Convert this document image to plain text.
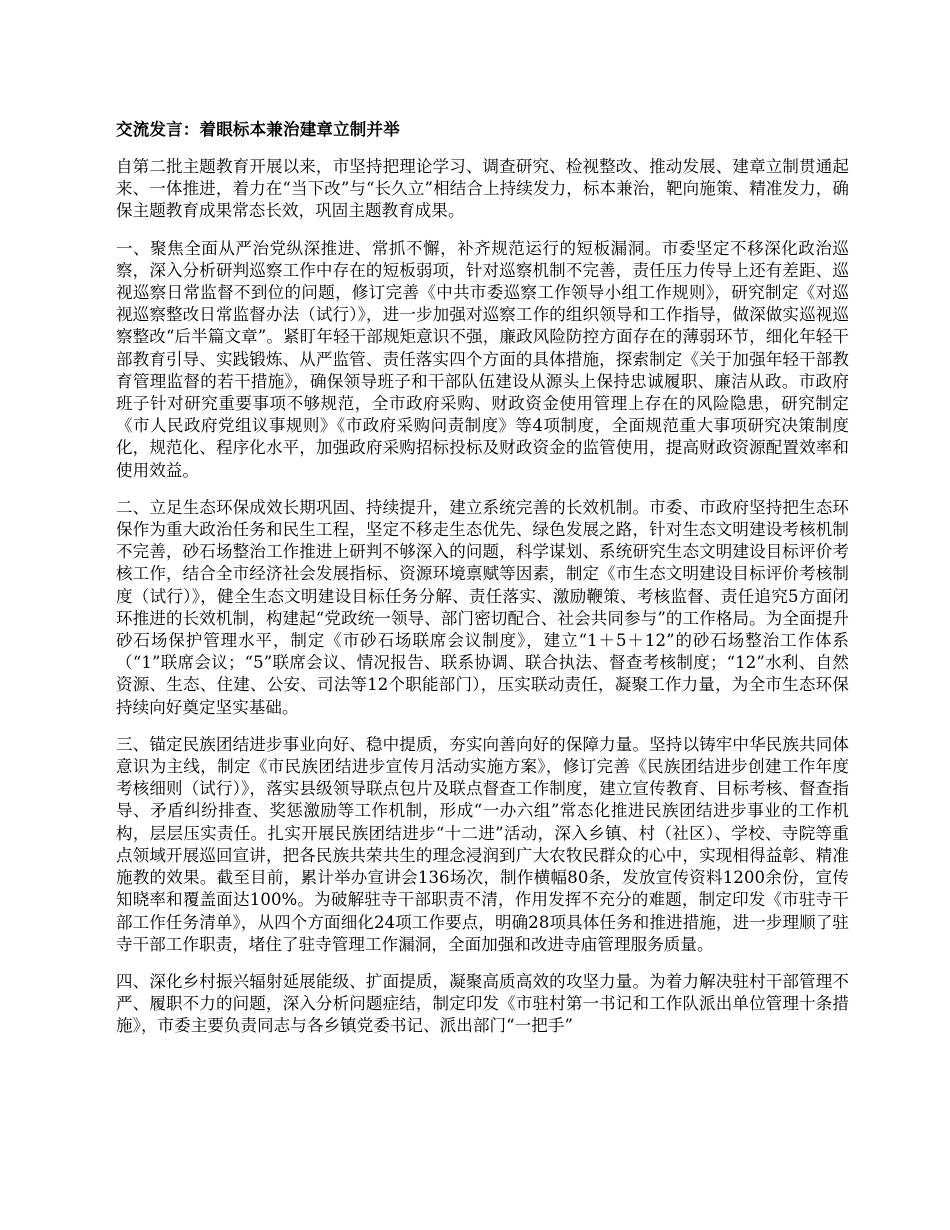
交流发言：着眼标本兼治建章立制并举

自第二批主题教育开展以来，市坚持把理论学习、调查研究、检视整改、推动发展、建章立制贯通起来、一体推进，着力在“当下改”与“长久立”相结合上持续发力，标本兼治，靶向施策、精准发力，确保主题教育成果常态长效，巩固主题教育成果。

一、聚焦全面从严治党纵深推进、常抓不懈，补齐规范运行的短板漏洞。市委坚定不移深化政治巡察，深入分析研判巡察工作中存在的短板弱项，针对巡察机制不完善，责任压力传导上还有差距、巡视巡察日常监督不到位的问题，修订完善《中共市委巡察工作领导小组工作规则》，研究制定《对巡视巡察整改日常监督办法（试行）》，进一步加强对巡察工作的组织领导和工作指导，做深做实巡视巡察整改“后半篇文章”。紧盯年轻干部规矩意识不强，廉政风险防控方面存在的薄弱环节，细化年轻干部教育引导、实践锻炼、从严监管、责任落实四个方面的具体措施，探索制定《关于加强年轻干部教育管理监督的若干措施》，确保领导班子和干部队伍建设从源头上保持忠诚履职、廉洁从政。市政府班子针对研究重要事项不够规范，全市政府采购、财政资金使用管理上存在的风险隐患，研究制定《市人民政府党组议事规则》《市政府采购问责制度》等4项制度，全面规范重大事项研究决策制度化，规范化、程序化水平，加强政府采购招标投标及财政资金的监管使用，提高财政资源配置效率和使用效益。

二、立足生态环保成效长期巩固、持续提升，建立系统完善的长效机制。市委、市政府坚持把生态环保作为重大政治任务和民生工程，坚定不移走生态优先、绿色发展之路，针对生态文明建设考核机制不完善，砂石场整治工作推进上研判不够深入的问题，科学谋划、系统研究生态文明建设目标评价考核工作，结合全市经济社会发展指标、资源环境禀赋等因素，制定《市生态文明建设目标评价考核制度（试行）》，健全生态文明建设目标任务分解、责任落实、激励鞭策、考核监督、责任追究5方面闭环推进的长效机制，构建起“党政统一领导、部门密切配合、社会共同参与”的工作格局。为全面提升砂石场保护管理水平，制定《市砂石场联席会议制度》，建立“1＋5＋12”的砂石场整治工作体系（“1”联席会议；“5”联席会议、情况报告、联系协调、联合执法、督查考核制度；“12”水利、自然资源、生态、住建、公安、司法等12个职能部门），压实联动责任，凝聚工作力量，为全市生态环保持续向好奠定坚实基础。

三、锚定民族团结进步事业向好、稳中提质，夯实向善向好的保障力量。坚持以铸牢中华民族共同体意识为主线，制定《市民族团结进步宣传月活动实施方案》，修订完善《民族团结进步创建工作年度考核细则（试行）》，落实县级领导联点包片及联点督查工作制度，建立宣传教育、目标考核、督查指导、矛盾纠纷排查、奖惩激励等工作机制，形成“一办六组”常态化推进民族团结进步事业的工作机构，层层压实责任。扎实开展民族团结进步“十二进”活动，深入乡镇、村（社区）、学校、寺院等重点领域开展巡回宣讲，把各民族共荣共生的理念浸润到广大农牧民群众的心中，实现相得益彰、精准施教的效果。截至目前，累计举办宣讲会136场次，制作横幅80条，发放宣传资料1200余份，宣传知晓率和覆盖面达100%。为破解驻寺干部职责不清，作用发挥不充分的难题，制定印发《市驻寺干部工作任务清单》，从四个方面细化24项工作要点，明确28项具体任务和推进措施，进一步理顺了驻寺干部工作职责，堵住了驻寺管理工作漏洞，全面加强和改进寺庙管理服务质量。

四、深化乡村振兴辐射延展能级、扩面提质，凝聚高质高效的攻坚力量。为着力解决驻村干部管理不严、履职不力的问题，深入分析问题症结，制定印发《市驻村第一书记和工作队派出单位管理十条措施》，市委主要负责同志与各乡镇党委书记、派出部门“一把手”
